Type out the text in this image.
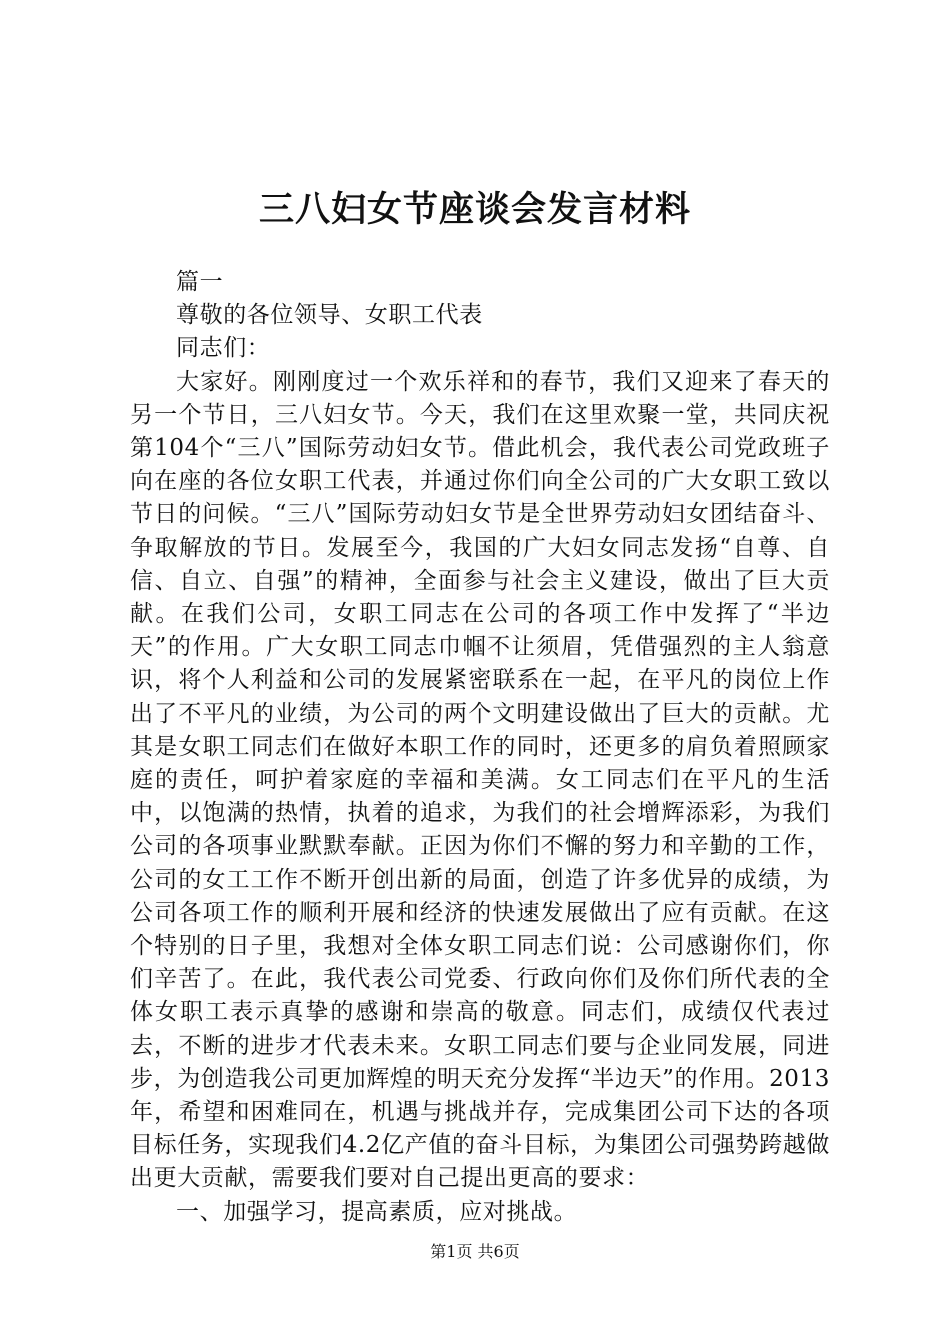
三八妇女节座谈会发言材料

篇一

尊敬的各位领导、女职工代表

同志们：

大家好。刚刚度过一个欢乐祥和的春节，我们又迎来了春天的另一个节日，三八妇女节。今天，我们在这里欢聚一堂，共同庆祝第104个“三八”国际劳动妇女节。借此机会，我代表公司党政班子向在座的各位女职工代表，并通过你们向全公司的广大女职工致以节日的问候。“三八”国际劳动妇女节是全世界劳动妇女团结奋斗、争取解放的节日。发展至今，我国的广大妇女同志发扬“自尊、自信、自立、自强”的精神，全面参与社会主义建设，做出了巨大贡献。在我们公司，女职工同志在公司的各项工作中发挥了“半边天”的作用。广大女职工同志巾帼不让须眉，凭借强烈的主人翁意识，将个人利益和公司的发展紧密联系在一起，在平凡的岗位上作出了不平凡的业绩，为公司的两个文明建设做出了巨大的贡献。尤其是女职工同志们在做好本职工作的同时，还更多的肩负着照顾家庭的责任，呵护着家庭的幸福和美满。女工同志们在平凡的生活中，以饱满的热情，执着的追求，为我们的社会增辉添彩，为我们公司的各项事业默默奉献。正因为你们不懈的努力和辛勤的工作，公司的女工工作不断开创出新的局面，创造了许多优异的成绩，为公司各项工作的顺利开展和经济的快速发展做出了应有贡献。在这个特别的日子里，我想对全体女职工同志们说：公司感谢你们，你们辛苦了。在此，我代表公司党委、行政向你们及你们所代表的全体女职工表示真挚的感谢和崇高的敬意。同志们，成绩仅代表过去，不断的进步才代表未来。女职工同志们要与企业同发展，同进步，为创造我公司更加辉煌的明天充分发挥“半边天”的作用。2013年，希望和困难同在，机遇与挑战并存，完成集团公司下达的各项目标任务，实现我们4.2亿产值的奋斗目标，为集团公司强势跨越做出更大贡献，需要我们要对自己提出更高的要求：

一、加强学习，提高素质，应对挑战。

第1页 共6页
